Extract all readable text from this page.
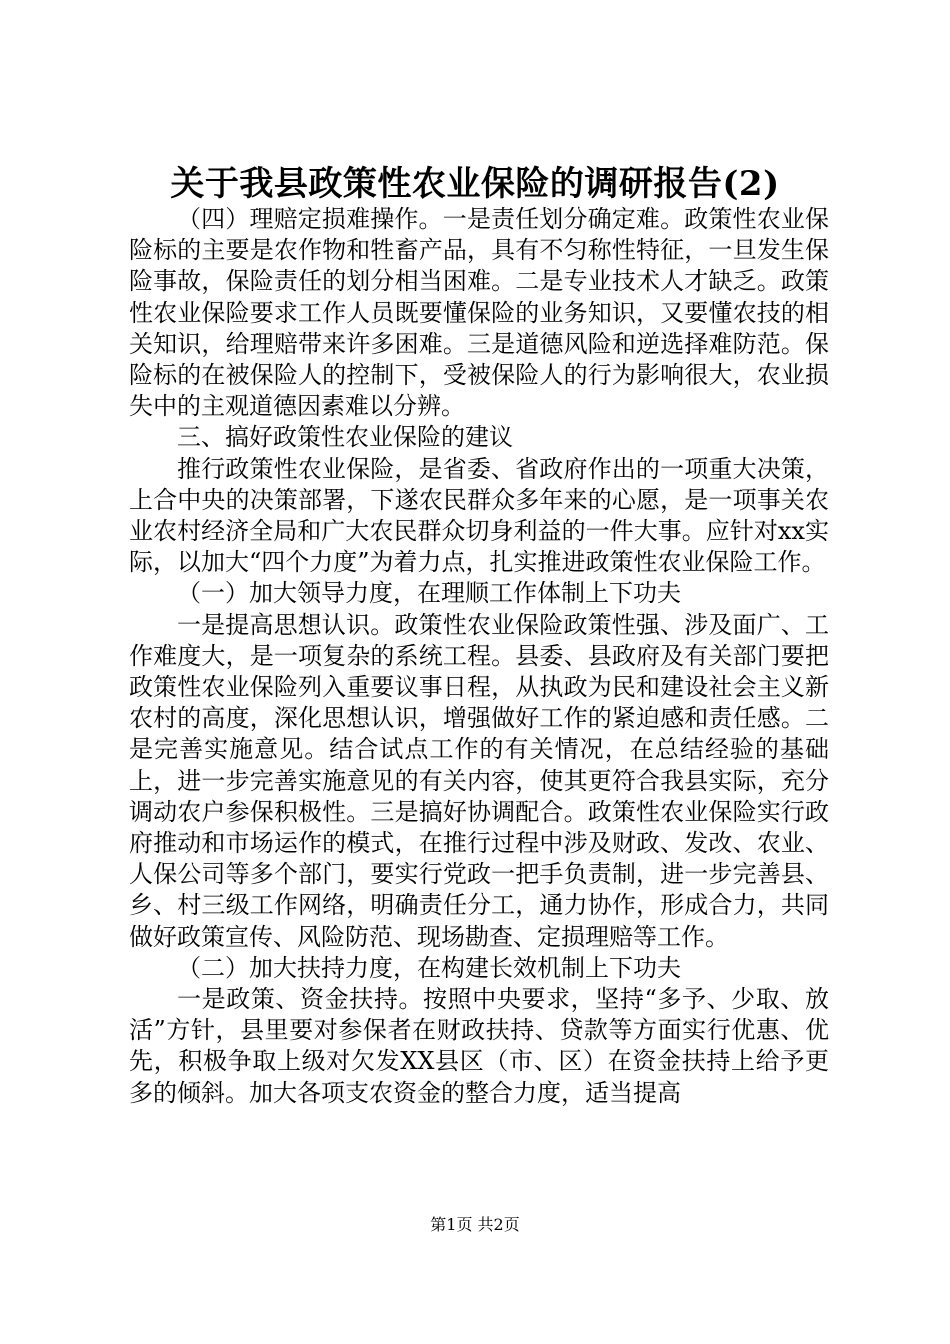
关于我县政策性农业保险的调研报告(2)

（四）理赔定损难操作。一是责任划分确定难。政策性农业保险标的主要是农作物和牲畜产品，具有不匀称性特征，一旦发生保险事故，保险责任的划分相当困难。二是专业技术人才缺乏。政策性农业保险要求工作人员既要懂保险的业务知识，又要懂农技的相关知识，给理赔带来许多困难。三是道德风险和逆选择难防范。保险标的在被保险人的控制下，受被保险人的行为影响很大，农业损失中的主观道德因素难以分辨。

三、搞好政策性农业保险的建议

推行政策性农业保险，是省委、省政府作出的一项重大决策，上合中央的决策部署，下遂农民群众多年来的心愿，是一项事关农业农村经济全局和广大农民群众切身利益的一件大事。应针对xx实际，以加大“四个力度”为着力点，扎实推进政策性农业保险工作。

（一）加大领导力度，在理顺工作体制上下功夫

一是提高思想认识。政策性农业保险政策性强、涉及面广、工作难度大，是一项复杂的系统工程。县委、县政府及有关部门要把政策性农业保险列入重要议事日程，从执政为民和建设社会主义新农村的高度，深化思想认识，增强做好工作的紧迫感和责任感。二是完善实施意见。结合试点工作的有关情况，在总结经验的基础上，进一步完善实施意见的有关内容，使其更符合我县实际，充分调动农户参保积极性。三是搞好协调配合。政策性农业保险实行政府推动和市场运作的模式，在推行过程中涉及财政、发改、农业、人保公司等多个部门，要实行党政一把手负责制，进一步完善县、乡、村三级工作网络，明确责任分工，通力协作，形成合力，共同做好政策宣传、风险防范、现场勘查、定损理赔等工作。

（二）加大扶持力度，在构建长效机制上下功夫

一是政策、资金扶持。按照中央要求，坚持“多予、少取、放活”方针，县里要对参保者在财政扶持、贷款等方面实行优惠、优先，积极争取上级对欠发XX县区（市、区）在资金扶持上给予更多的倾斜。加大各项支农资金的整合力度，适当提高

第1页 共2页
